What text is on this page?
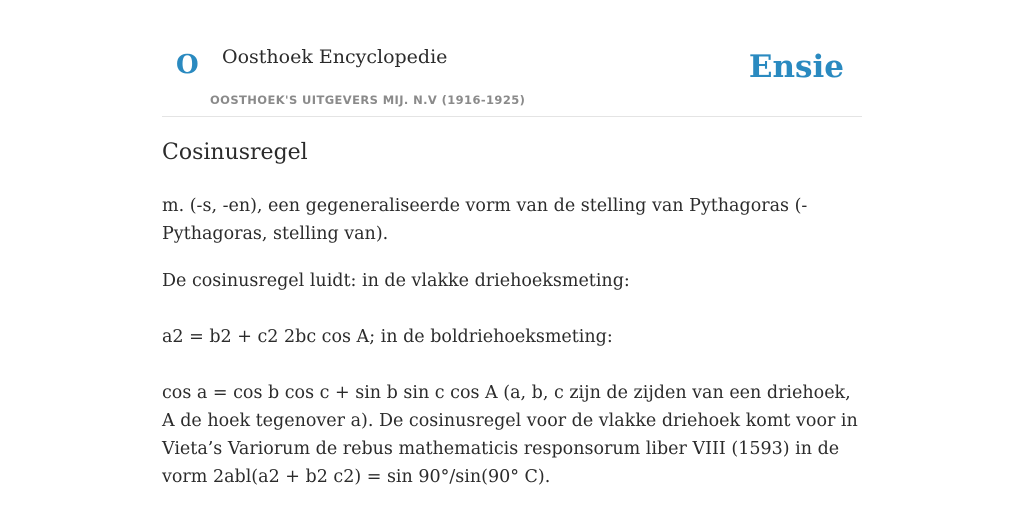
O Oosthoek Encyclopedie
OOSTHOEK'S UITGEVERS MIJ. N.V (1916-1925)
Ensie
Cosinusregel

m. (-s, -en), een gegeneraliseerde vorm van de stelling van Pythagoras (-Pythagoras, stelling van).

De cosinusregel luidt: in de vlakke driehoeksmeting:

a2 = b2 + c2 2bc cos A; in de boldriehoeksmeting:

cos a = cos b cos c + sin b sin c cos A (a, b, c zijn de zijden van een driehoek, A de hoek tegenover a). De cosinusregel voor de vlakke driehoek komt voor in Vieta’s Variorum de rebus mathematicis responsorum liber VIII (1593) in de vorm 2abl(a2 + b2 c2) = sin 90°/sin(90° C).
